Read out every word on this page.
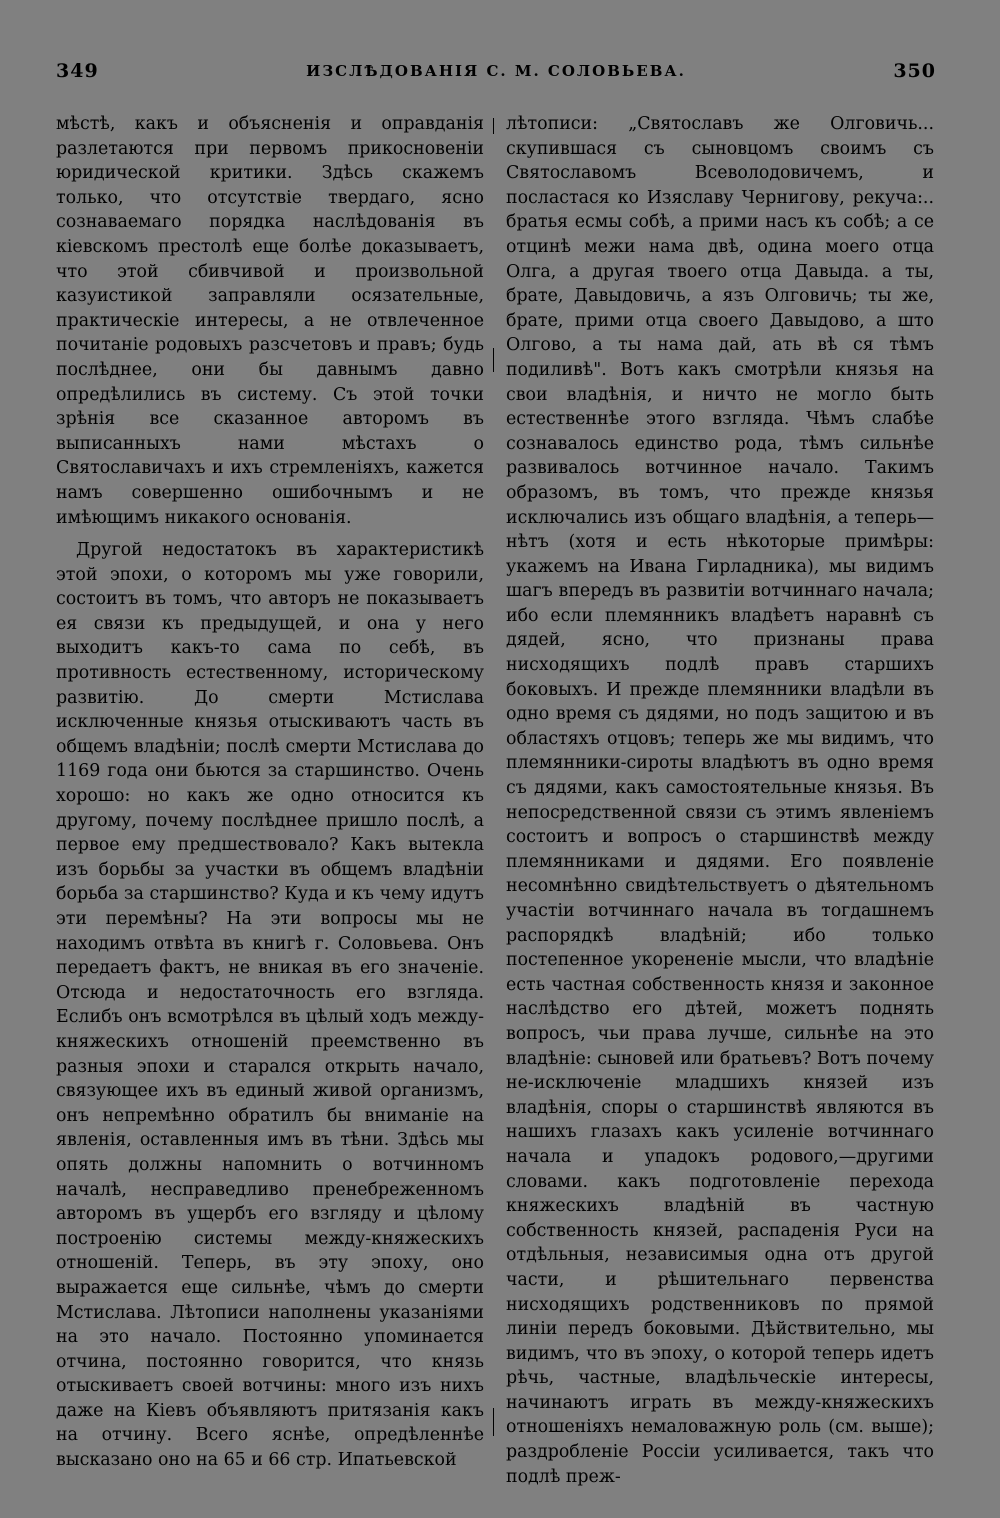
349	ИЗСЛѢДОВАНІЯ С. М. СОЛОВЬЕВА.	350

мѣстѣ, какъ и объясненія и оправданія разлетаются при первомъ прикосновеніи юридической критики. Здѣсь скажемъ только, что отсутствіе твердаго, ясно сознаваемаго порядка наслѣдованія въ кіевскомъ престолѣ еще болѣе доказываетъ, что этой сбивчивой и произвольной казуистикой заправляли осязательные, практическіе интересы, а не отвлеченное почитаніе родовыхъ разсчетовъ и правъ; будь послѣднее, они бы давнымъ давно опредѣлились въ систему. Съ этой точки зрѣнія все сказанное авторомъ въ выписанныхъ нами мѣстахъ о Святославичахъ и ихъ стремленіяхъ, кажется намъ совершенно ошибочнымъ и не имѣющимъ никакого основанія.

Другой недостатокъ въ характеристикѣ этой эпохи, о которомъ мы уже говорили, состоитъ въ томъ, что авторъ не показываетъ ея связи къ предыдущей, и она у него выходитъ какъ-то сама по себѣ, въ противность естественному, историческому развитію. До смерти Мстислава исключенные князья отыскиваютъ часть въ общемъ владѣніи; послѣ смерти Мстислава до 1169 года они бьются за старшинство. Очень хорошо: но какъ же одно относится къ другому, почему послѣднее пришло послѣ, а первое ему предшествовало? Какъ вытекла изъ борьбы за участки въ общемъ владѣніи борьба за старшинство? Куда и къ чему идутъ эти перемѣны? На эти вопросы мы не находимъ отвѣта въ книгѣ г. Соловьева. Онъ передаетъ фактъ, не вникая въ его значеніе. Отсюда и недостаточность его взгляда. Еслибъ онъ всмотрѣлся въ цѣлый ходъ между-княжескихъ отношеній преемственно въ разныя эпохи и старался открыть начало, связующее ихъ въ единый живой организмъ, онъ непремѣнно обратилъ бы вниманіе на явленія, оставленныя имъ въ тѣни. Здѣсь мы опять должны напомнить о вотчинномъ началѣ, несправедливо пренебреженномъ авторомъ въ ущербъ его взгляду и цѣлому построенію системы между-княжескихъ отношеній. Теперь, въ эту эпоху, оно выражается еще сильнѣе, чѣмъ до смерти Мстислава. Лѣтописи наполнены указаніями на это начало. Постоянно упоминается отчина, постоянно говорится, что князь отыскиваетъ своей вотчины: много изъ нихъ даже на Кіевъ объявляютъ притязанія какъ на отчину. Всего яснѣе, опредѣленнѣе высказано оно на 65 и 66 стр. Ипатьевской

лѣтописи: „Святославъ же Олговичь... скупившася съ сыновцомъ своимъ съ Святославомъ Всеволодовичемъ, и посластася ко Изяславу Чернигову, рекуча:.. братья есмы собѣ, а прими насъ къ собѣ; а се отцинѣ межи нама двѣ, одина моего отца Олга, а другая твоего отца Давыда. а ты, брате, Давыдовичь, а язъ Олговичь; ты же, брате, прими отца своего Давыдово, а што Олгово, а ты нама дай, ать вѣ ся тѣмъ подиливѣ". Вотъ какъ смотрѣли князья на свои владѣнія, и ничто не могло быть естественнѣе этого взгляда. Чѣмъ слабѣе сознавалось единство рода, тѣмъ сильнѣе развивалось вотчинное начало. Такимъ образомъ, въ томъ, что прежде князья исключались изъ общаго владѣнія, а теперь— нѣтъ (хотя и есть нѣкоторые примѣры: укажемъ на Ивана Гирладника), мы видимъ шагъ впередъ въ развитіи вотчиннаго начала; ибо если племянникъ владѣетъ наравнѣ съ дядей, ясно, что признаны права нисходящихъ подлѣ правъ старшихъ боковыхъ. И прежде племянники владѣли въ одно время съ дядями, но подъ защитою и въ областяхъ отцовъ; теперь же мы видимъ, что племянники-сироты владѣютъ въ одно время съ дядями, какъ самостоятельные князья. Въ непосредственной связи съ этимъ явленіемъ состоитъ и вопросъ о старшинствѣ между племянниками и дядями. Его появленіе несомнѣнно свидѣтельствуетъ о дѣятельномъ участіи вотчиннаго начала въ тогдашнемъ распорядкѣ владѣній; ибо только постепенное укорененіе мысли, что владѣніе есть частная собственность князя и законное наслѣдство его дѣтей, можетъ поднять вопросъ, чьи права лучше, сильнѣе на это владѣніе: сыновей или братьевъ? Вотъ почему не-исключеніе младшихъ князей изъ владѣнія, споры о старшинствѣ являются въ нашихъ глазахъ какъ усиленіе вотчиннаго начала и упадокъ родового,—другими словами. какъ подготовленіе перехода княжескихъ владѣній въ частную собственность князей, распаденія Руси на отдѣльныя, независимыя одна отъ другой части, и рѣшительнаго первенства нисходящихъ родственниковъ по прямой линіи передъ боковыми. Дѣйствительно, мы видимъ, что въ эпоху, о которой теперь идетъ рѣчь, частные, владѣльческіе интересы, начинаютъ играть въ между-княжескихъ отношеніяхъ немаловажную роль (см. выше); раздробленіе Россіи усиливается, такъ что подлѣ преж-
